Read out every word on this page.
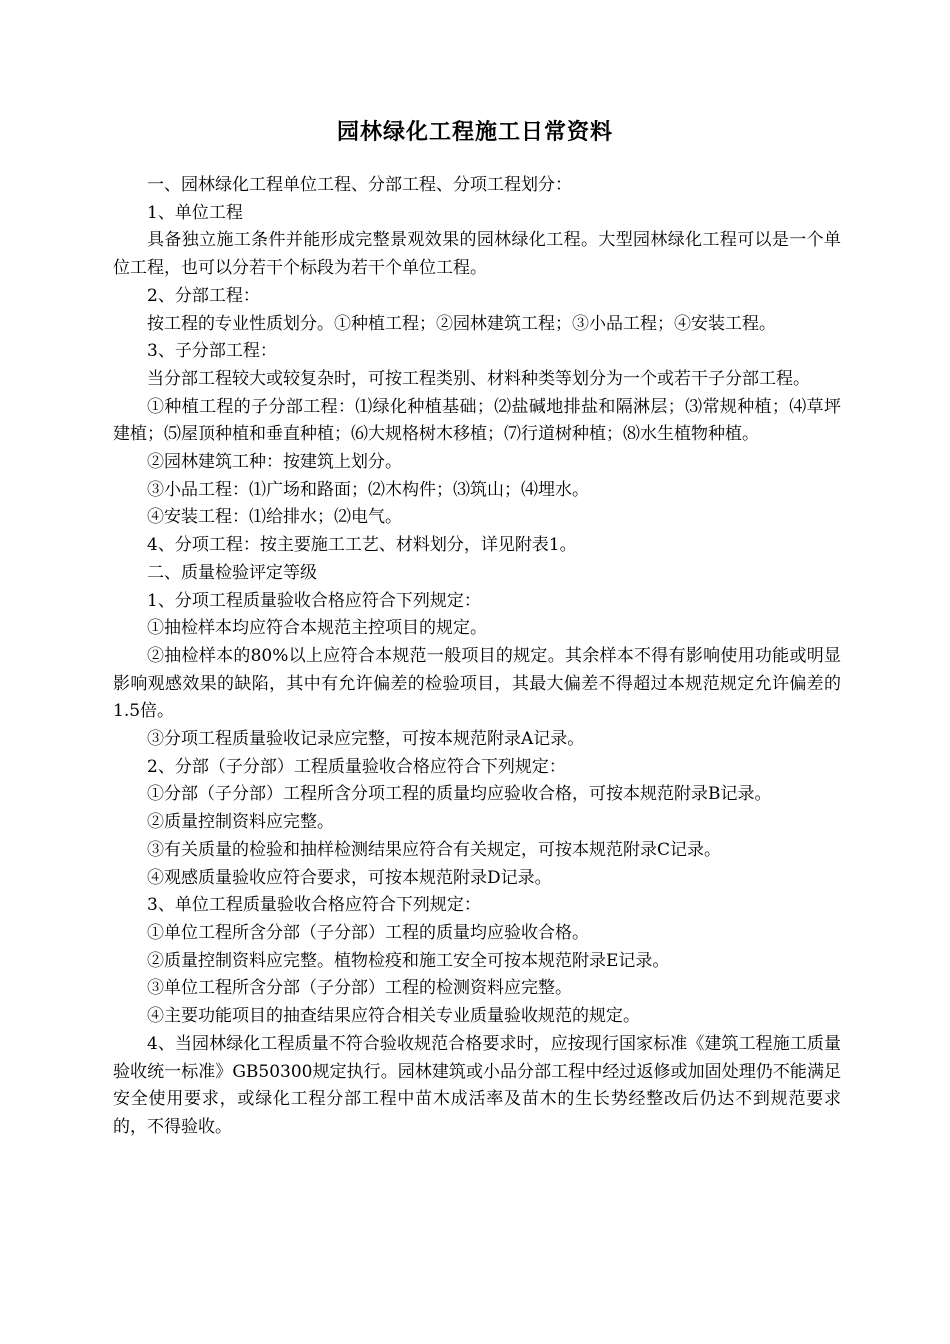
园林绿化工程施工日常资料

一、园林绿化工程单位工程、分部工程、分项工程划分：

1、单位工程

具备独立施工条件并能形成完整景观效果的园林绿化工程。大型园林绿化工程可以是一个单位工程，也可以分若干个标段为若干个单位工程。

2、分部工程：

按工程的专业性质划分。①种植工程；②园林建筑工程；③小品工程；④安装工程。

3、子分部工程：

当分部工程较大或较复杂时，可按工程类别、材料种类等划分为一个或若干子分部工程。

①种植工程的子分部工程：⑴绿化种植基础；⑵盐碱地排盐和隔淋层；⑶常规种植；⑷草坪建植；⑸屋顶种植和垂直种植；⑹大规格树木移植；⑺行道树种植；⑻水生植物种植。

②园林建筑工种：按建筑上划分。

③小品工程：⑴广场和路面；⑵木构件；⑶筑山；⑷埋水。

④安装工程：⑴给排水；⑵电气。

4、分项工程：按主要施工工艺、材料划分，详见附表1。

二、质量检验评定等级

1、分项工程质量验收合格应符合下列规定：

①抽检样本均应符合本规范主控项目的规定。

②抽检样本的80%以上应符合本规范一般项目的规定。其余样本不得有影响使用功能或明显影响观感效果的缺陷，其中有允许偏差的检验项目，其最大偏差不得超过本规范规定允许偏差的1.5倍。

③分项工程质量验收记录应完整，可按本规范附录A记录。

2、分部（子分部）工程质量验收合格应符合下列规定：

①分部（子分部）工程所含分项工程的质量均应验收合格，可按本规范附录B记录。

②质量控制资料应完整。

③有关质量的检验和抽样检测结果应符合有关规定，可按本规范附录C记录。

④观感质量验收应符合要求，可按本规范附录D记录。

3、单位工程质量验收合格应符合下列规定：

①单位工程所含分部（子分部）工程的质量均应验收合格。

②质量控制资料应完整。植物检疫和施工安全可按本规范附录E记录。

③单位工程所含分部（子分部）工程的检测资料应完整。

④主要功能项目的抽查结果应符合相关专业质量验收规范的规定。

4、当园林绿化工程质量不符合验收规范合格要求时，应按现行国家标准《建筑工程施工质量验收统一标准》GB50300规定执行。园林建筑或小品分部工程中经过返修或加固处理仍不能满足安全使用要求，或绿化工程分部工程中苗木成活率及苗木的生长势经整改后仍达不到规范要求的，不得验收。
